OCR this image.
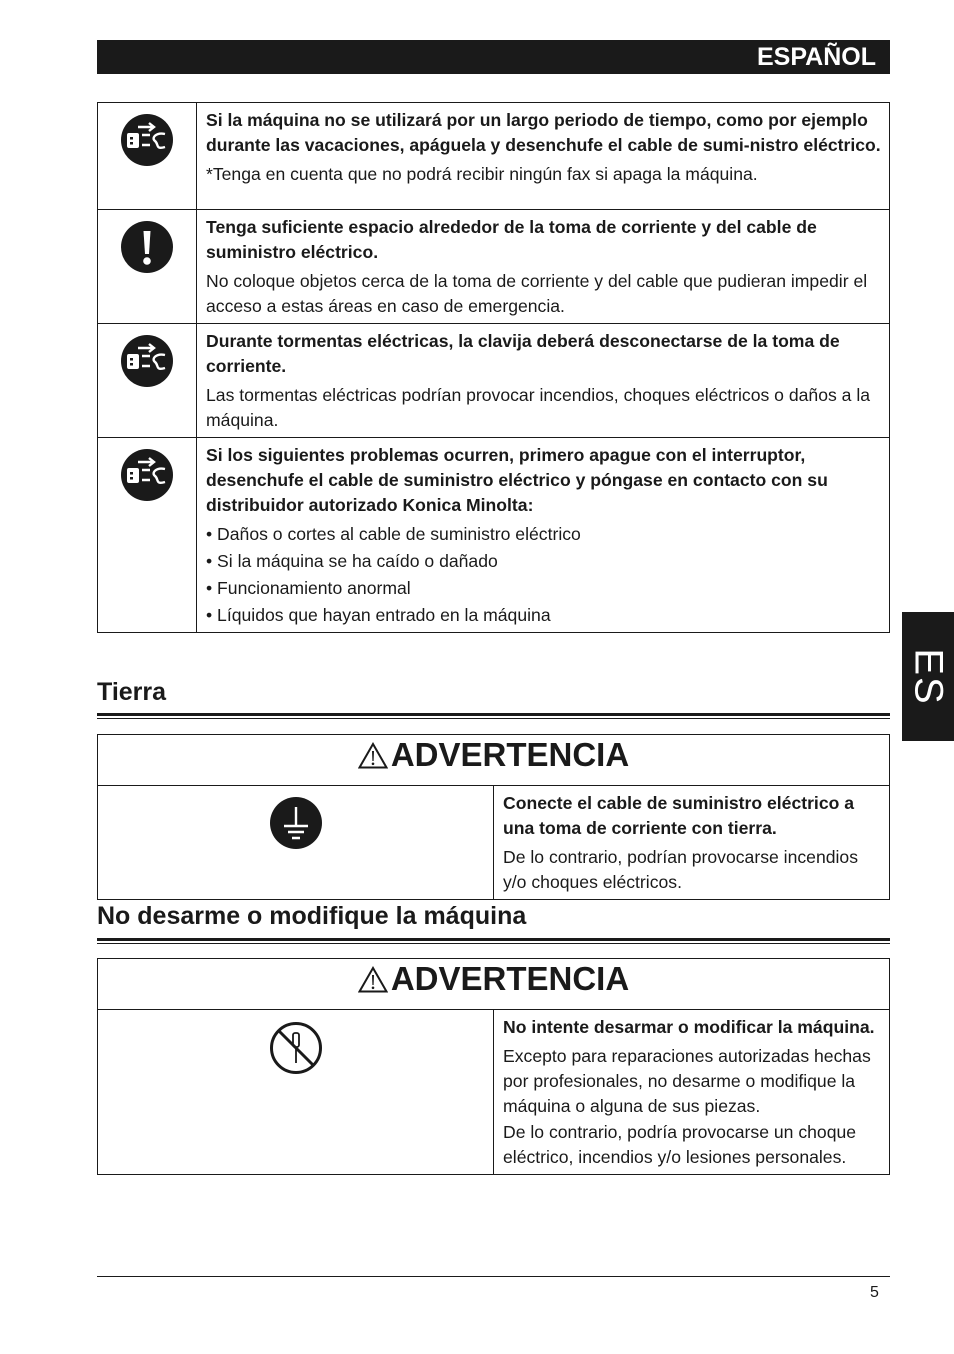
ESPAÑOL
ES

Si la máquina no se utilizará por un largo periodo de tiempo, como por ejemplo durante las vacaciones, apáguela y desenchufe el cable de sumi-nistro eléctrico.

*Tenga en cuenta que no podrá recibir ningún fax si apaga la máquina.

Tenga suficiente espacio alrededor de la toma de corriente y del cable de suministro eléctrico.

No coloque objetos cerca de la toma de corriente y del cable que pudieran impedir el acceso a estas áreas en caso de emergencia.

Durante tormentas eléctricas, la clavija deberá desconectarse de la toma de corriente.

Las tormentas eléctricas podrían provocar incendios, choques eléctricos o daños a la máquina.

Si los siguientes problemas ocurren, primero apague con el interruptor, desenchufe el cable de suministro eléctrico y póngase en contacto con su distribuidor autorizado Konica Minolta:

• Daños o cortes al cable de suministro eléctrico

• Si la máquina se ha caído o dañado

• Funcionamiento anormal

• Líquidos que hayan entrado en la máquina

Tierra
ADVERTENCIA

Conecte el cable de suministro eléctrico a una toma de corriente con tierra.

De lo contrario, podrían provocarse incendios y/o choques eléctricos.

No desarme o modifique la máquina
ADVERTENCIA

No intente desarmar o modificar la máquina.

Excepto para reparaciones autorizadas hechas por profesionales, no desarme o modifique la máquina o alguna de sus piezas.

De lo contrario, podría provocarse un choque eléctrico, incendios y/o lesiones personales.

5
